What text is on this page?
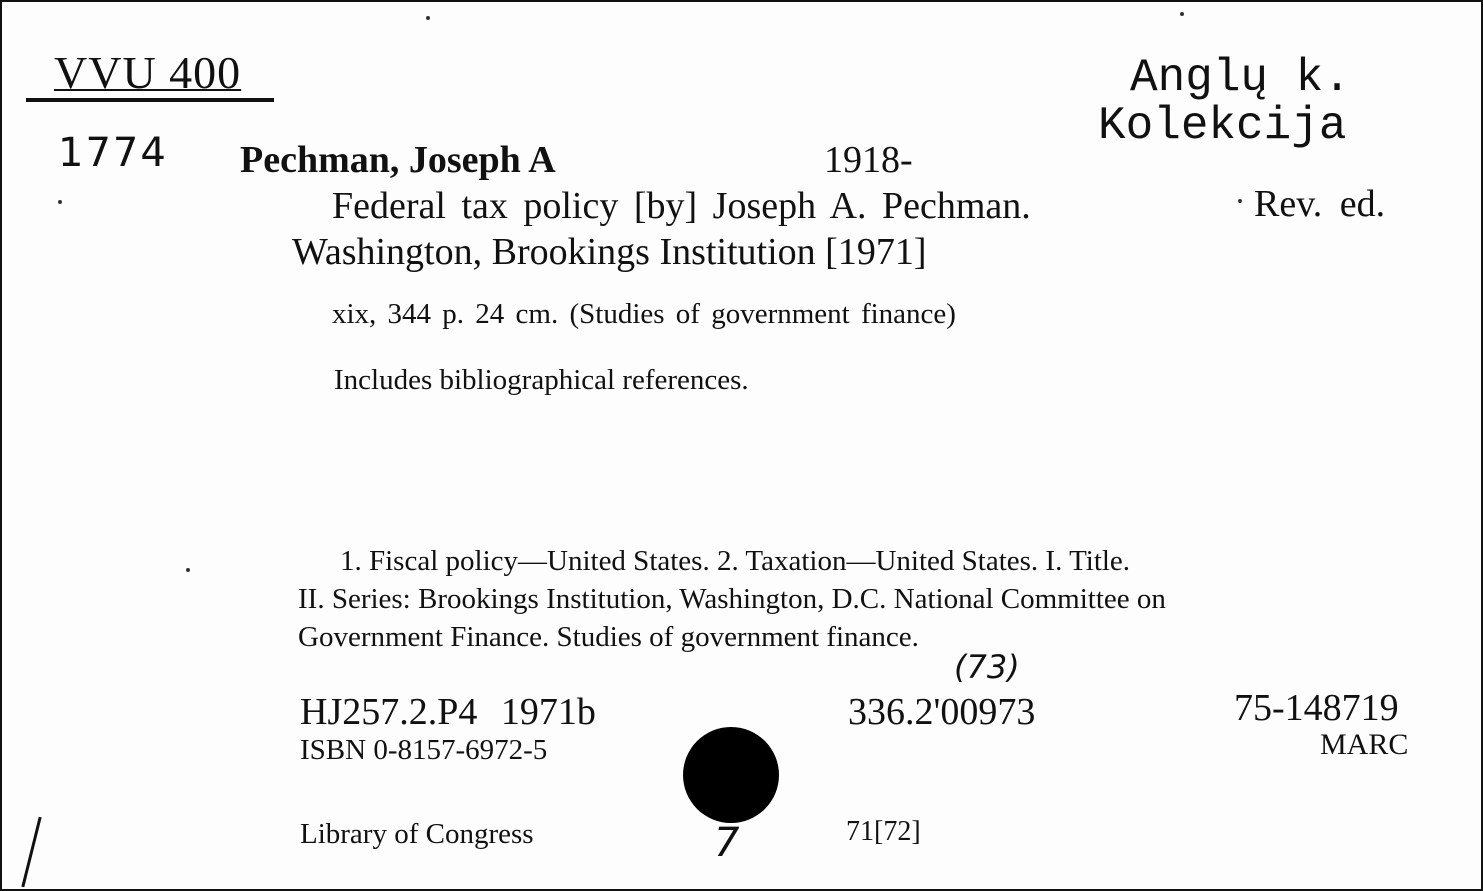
VVU 400
1774
Anglų k.
Kolekcija
Pechman, Joseph A	1918-
Federal tax policy [by] Joseph A. Pechman.	Rev. ed.
Washington, Brookings Institution [1971]
xix, 344 p. 24 cm. (Studies of government finance)
Includes bibliographical references.
1. Fiscal policy—United States. 2. Taxation—United States. I. Title.
II. Series: Brookings Institution, Washington, D.C. National Committee on
Government Finance. Studies of government finance.
(73)
HJ257.2.P4 1971b
ISBN 0-8157-6972-5
336.2'00973	75-148719
MARC
Library of Congress	7	71[72]
